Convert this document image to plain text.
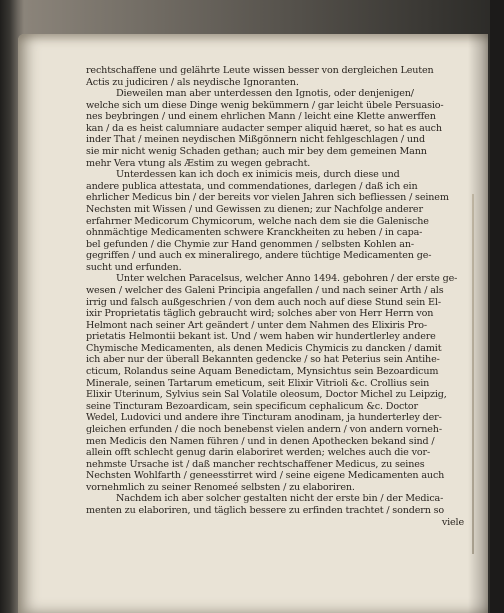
rechtschaffene und gelährte Leute wissen besser von dergleichen Leuten
Actis zu judiciren / als neydische Ignoranten.
Dieweilen man aber unterdessen den Ignotis, oder denjenigen/
welche sich um diese Dinge wenig bekümmern / gar leicht übele Persuasio-
nes beybringen / und einem ehrlichen Mann / leicht eine Klette anwerffen
kan / da es heist calumniare audacter semper aliquid hæret, so hat es auch
inder That / meinen neydischen Mißgönnern nicht fehlgeschlagen / und
sie mir nicht wenig Schaden gethan; auch mir bey dem gemeinen Mann
mehr Vera vtung als Æstim zu wegen gebracht.
Unterdessen kan ich doch ex inimicis meis, durch diese und
andere publica attestata, und commendationes, darlegen / daß ich ein
ehrlicher Medicus bin / der bereits vor vielen Jahren sich befliessen / seinem
Nechsten mit Wissen / und Gewissen zu dienen; zur Nachfolge anderer
erfahrner Medicorum Chymicorum, welche nach dem sie die Galenische
ohnmächtige Medicamenten schwere Kranckheiten zu heben / in capa-
bel gefunden / die Chymie zur Hand genommen / selbsten Kohlen an-
gegriffen / und auch ex mineralirego, andere tüchtige Medicamenten ge-
sucht und erfunden.
Unter welchen Paracelsus, welcher Anno 1494. gebohren / der erste ge-
wesen / welcher des Galeni Principia angefallen / und nach seiner Arth / als
irrig und falsch außgeschrien / von dem auch noch auf diese Stund sein El-
ixir Proprietatis täglich gebraucht wird; solches aber von Herr Herrn von
Helmont nach seiner Art geändert / unter dem Nahmen des Elixiris Pro-
prietatis Helmontii bekant ist. Und / wem haben wir hundertlerley andere
Chymische Medicamenten, als denen Medicis Chymicis zu dancken / damit
ich aber nur der überall Bekannten gedencke / so hat Peterius sein Antihe-
cticum, Rolandus seine Aquam Benedictam, Mynsichtus sein Bezoardicum
Minerale, seinen Tartarum emeticum, seit Elixir Vitrioli &c. Crollius sein
Elixir Uterinum, Sylvius sein Sal Volatile oleosum, Doctor Michel zu Leipzig,
seine Tincturam Bezoardicam, sein specificum cephalicum &c. Doctor
Wedel, Ludovici und andere ihre Tincturam anodinam, ja hunderterley der-
gleichen erfunden / die noch benebenst vielen andern / von andern vorneh-
men Medicis den Namen führen / und in denen Apothecken bekand sind /
allein offt schlecht genug darin elaboriret werden; welches auch die vor-
nehmste Ursache ist / daß mancher rechtschaffener Medicus, zu seines
Nechsten Wohlfarth / geneesstirret wird / seine eigene Medicamenten auch
vornehmlich zu seiner Renomeé selbsten / zu elaboriren.
Nachdem ich aber solcher gestalten nicht der erste bin / der Medica-
menten zu elaboriren, und täglich bessere zu erfinden trachtet / sondern so
viele
